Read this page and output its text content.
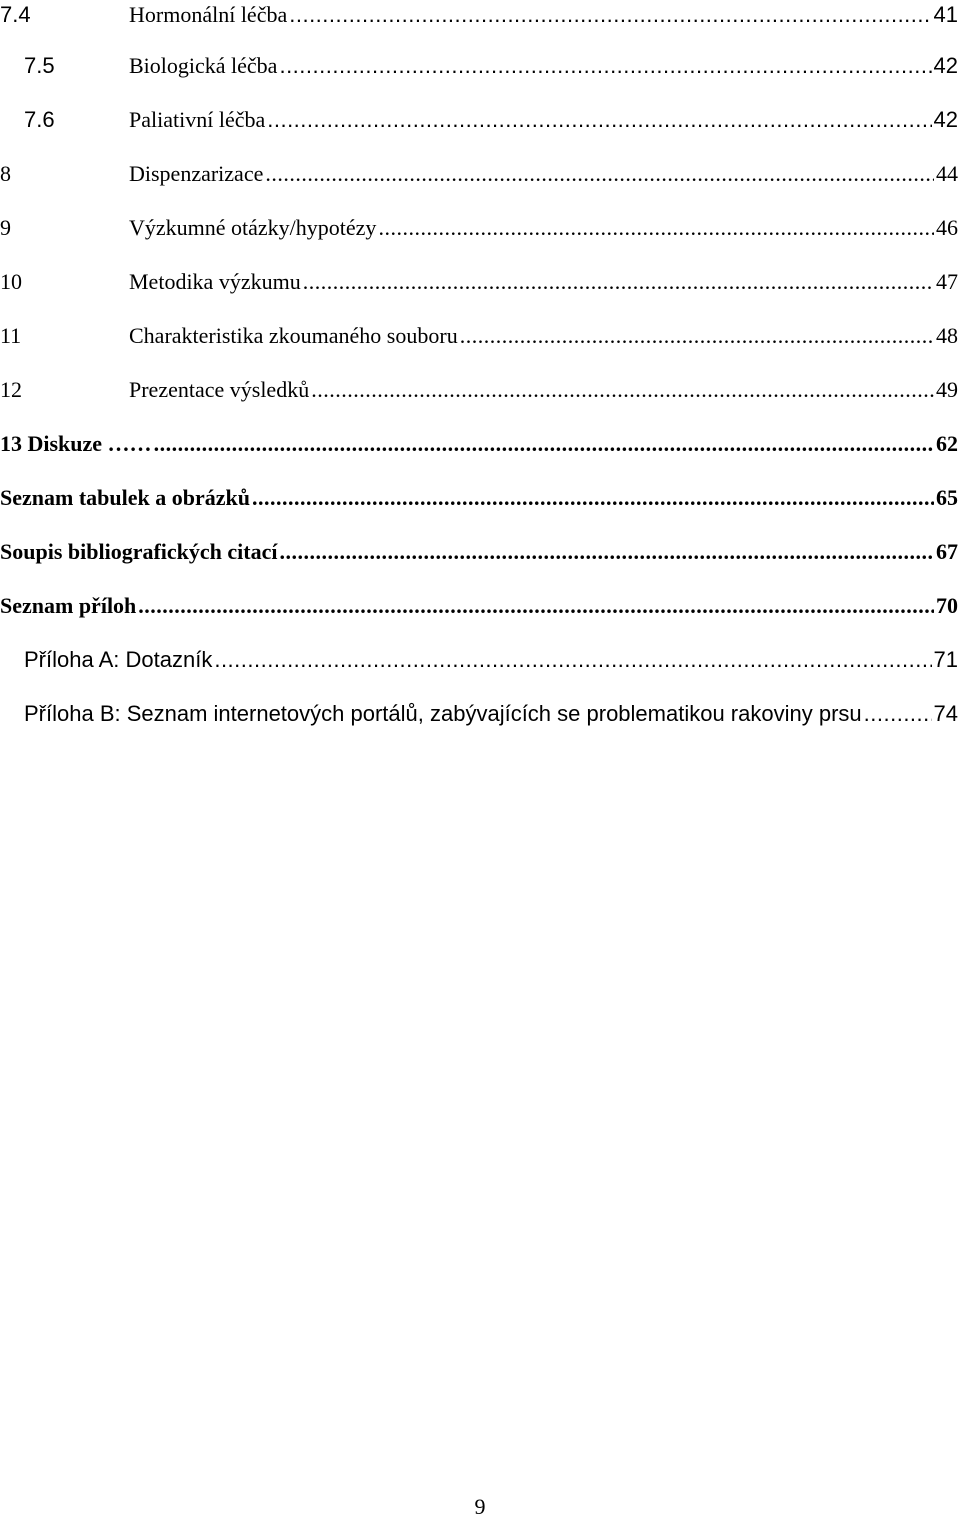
7.4	Hormonální léčba .....	41
7.5	Biologická léčba .....	42
7.6	Paliativní léčba .....	42
8	Dispenzarizace .....	44
9	Výzkumné otázky/hypotézy .....	46
10	Metodika výzkumu .....	47
11	Charakteristika zkoumaného souboru .....	48
12	Prezentace výsledků .....	49
13 Diskuze …… .....	62
Seznam tabulek a obrázků .....	65
Soupis bibliografických citací .....	67
Seznam příloh .....	70
Příloha A: Dotazník .....	71
Příloha B: Seznam internetových portálů, zabývajících se problematikou rakoviny prsu .....	74
9
